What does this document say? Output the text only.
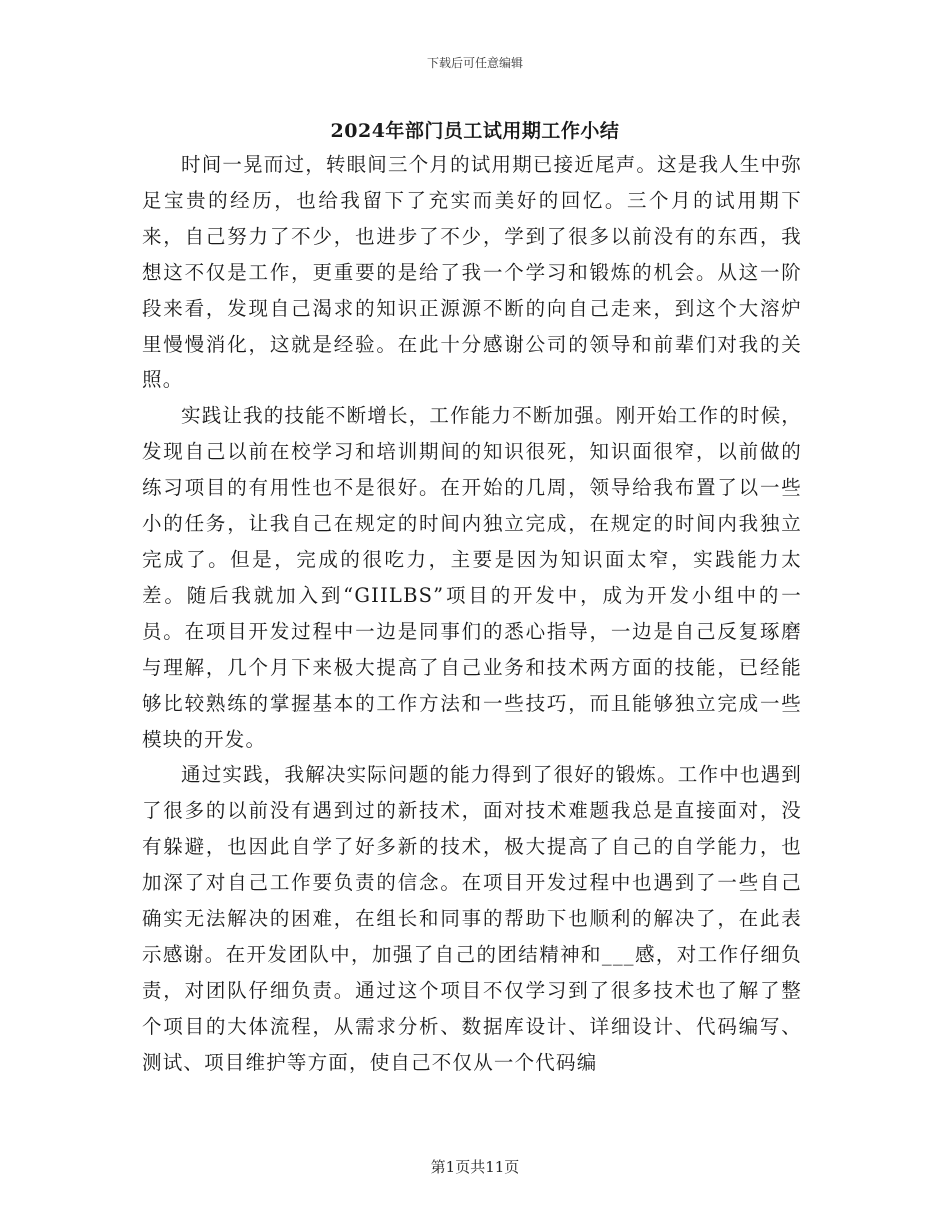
下载后可任意编辑
2024年部门员工试用期工作小结

时间一晃而过，转眼间三个月的试用期已接近尾声。这是我人生中弥足宝贵的经历，也给我留下了充实而美好的回忆。三个月的试用期下来，自己努力了不少，也进步了不少，学到了很多以前没有的东西，我想这不仅是工作，更重要的是给了我一个学习和锻炼的机会。从这一阶段来看，发现自己渴求的知识正源源不断的向自己走来，到这个大溶炉里慢慢消化，这就是经验。在此十分感谢公司的领导和前辈们对我的关照。

实践让我的技能不断增长，工作能力不断加强。刚开始工作的时候，发现自己以前在校学习和培训期间的知识很死，知识面很窄，以前做的练习项目的有用性也不是很好。在开始的几周，领导给我布置了以一些小的任务，让我自己在规定的时间内独立完成，在规定的时间内我独立完成了。但是，完成的很吃力，主要是因为知识面太窄，实践能力太差。随后我就加入到“GIILBS”项目的开发中，成为开发小组中的一员。在项目开发过程中一边是同事们的悉心指导，一边是自己反复琢磨与理解，几个月下来极大提高了自己业务和技术两方面的技能，已经能够比较熟练的掌握基本的工作方法和一些技巧，而且能够独立完成一些模块的开发。

通过实践，我解决实际问题的能力得到了很好的锻炼。工作中也遇到了很多的以前没有遇到过的新技术，面对技术难题我总是直接面对，没有躲避，也因此自学了好多新的技术，极大提高了自己的自学能力，也加深了对自己工作要负责的信念。在项目开发过程中也遇到了一些自己确实无法解决的困难，在组长和同事的帮助下也顺利的解决了，在此表示感谢。在开发团队中，加强了自己的团结精神和___感，对工作仔细负责，对团队仔细负责。通过这个项目不仅学习到了很多技术也了解了整个项目的大体流程，从需求分析、数据库设计、详细设计、代码编写、测试、项目维护等方面，使自己不仅从一个代码编

第1页共11页
